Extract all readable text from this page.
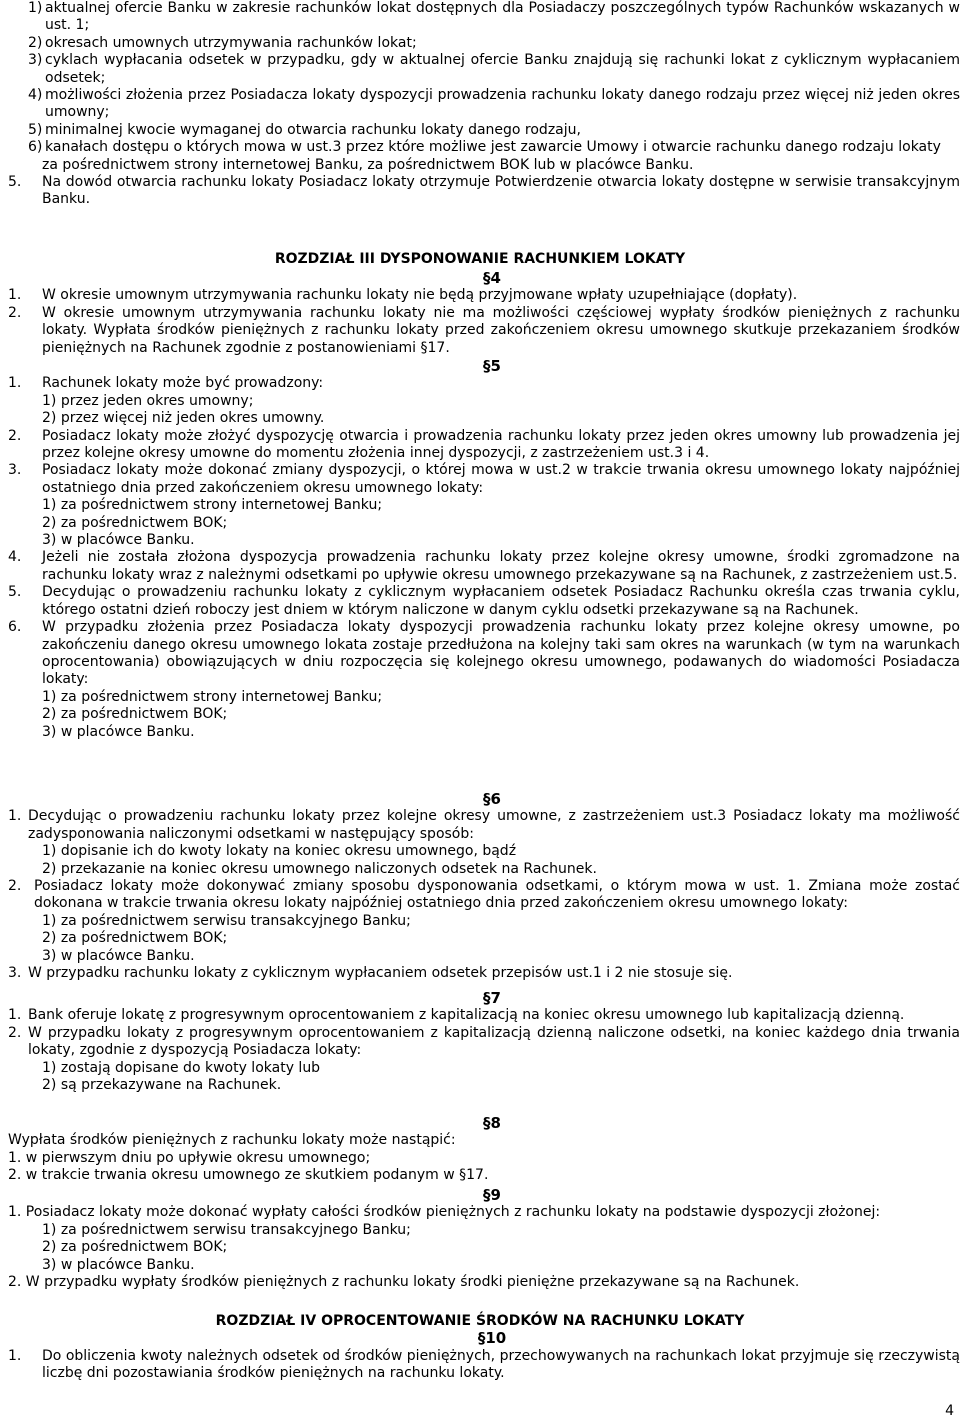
1) aktualnej ofercie Banku w zakresie rachunków lokat dostępnych dla Posiadaczy poszczególnych typów Rachunków wskazanych w ust. 1;
2) okresach umownych utrzymywania rachunków lokat;
3) cyklach wypłacania odsetek w przypadku, gdy w aktualnej ofercie Banku znajdują się rachunki lokat z cyklicznym wypłacaniem odsetek;
4) możliwości złożenia przez Posiadacza lokaty dyspozycji prowadzenia rachunku lokaty danego rodzaju przez więcej niż jeden okres umowny;
5) minimalnej kwocie wymaganej do otwarcia rachunku lokaty danego rodzaju,
6) kanałach dostępu o których mowa w ust.3 przez które możliwe jest zawarcie Umowy i otwarcie rachunku danego rodzaju lokaty
za pośrednictwem strony internetowej Banku, za pośrednictwem BOK lub w placówce Banku.
5.	Na dowód otwarcia rachunku lokaty Posiadacz lokaty otrzymuje Potwierdzenie otwarcia lokaty dostępne w serwisie transakcyjnym Banku.
ROZDZIAŁ III DYSPONOWANIE RACHUNKIEM LOKATY
§4
1.	W okresie umownym utrzymywania rachunku lokaty nie będą przyjmowane wpłaty uzupełniające (dopłaty).
2.	W okresie umownym utrzymywania rachunku lokaty nie ma możliwości częściowej wypłaty środków pieniężnych z rachunku lokaty. Wypłata środków pieniężnych z rachunku lokaty przed zakończeniem okresu umownego skutkuje przekazaniem środków pieniężnych na Rachunek zgodnie z postanowieniami §17.
§5
1.	Rachunek lokaty może być prowadzony:
1) przez jeden okres umowny;
2) przez więcej niż jeden okres umowny.
2.	Posiadacz lokaty może złożyć dyspozycję otwarcia i prowadzenia rachunku lokaty przez jeden okres umowny lub prowadzenia jej przez kolejne okresy umowne do momentu złożenia innej dyspozycji, z zastrzeżeniem ust.3 i 4.
3.	Posiadacz lokaty może dokonać zmiany dyspozycji, o której mowa w ust.2 w trakcie trwania okresu umownego lokaty najpóźniej ostatniego dnia przed zakończeniem okresu umownego lokaty:
1) za pośrednictwem strony internetowej Banku;
2) za pośrednictwem BOK;
3) w placówce Banku.
4.	Jeżeli nie została złożona dyspozycja prowadzenia rachunku lokaty przez kolejne okresy umowne, środki zgromadzone na rachunku lokaty wraz z należnymi odsetkami po upływie okresu umownego przekazywane są na Rachunek, z zastrzeżeniem ust.5.
5.	Decydując o prowadzeniu rachunku lokaty z cyklicznym wypłacaniem odsetek Posiadacz Rachunku określa czas trwania cyklu, którego ostatni dzień roboczy jest dniem w którym naliczone w danym cyklu odsetki przekazywane są na Rachunek.
6.	W przypadku złożenia przez Posiadacza lokaty dyspozycji prowadzenia rachunku lokaty przez kolejne okresy umowne, po zakończeniu danego okresu umownego lokata zostaje przedłużona na kolejny taki sam okres na warunkach (w tym na warunkach oprocentowania) obowiązujących w dniu rozpoczęcia się kolejnego okresu umownego, podawanych do wiadomości Posiadacza lokaty:
1) za pośrednictwem strony internetowej Banku;
2) za pośrednictwem BOK;
3) w placówce Banku.
§6
1. Decydując o prowadzeniu rachunku lokaty przez kolejne okresy umowne, z zastrzeżeniem ust.3 Posiadacz lokaty ma możliwość zadysponowania naliczonymi odsetkami w następujący sposób:
1) dopisanie ich do kwoty lokaty na koniec okresu umownego, bądź
2) przekazanie na koniec okresu umownego naliczonych odsetek na Rachunek.
2. Posiadacz lokaty może dokonywać zmiany sposobu dysponowania odsetkami, o którym mowa w ust. 1. Zmiana może zostać dokonana w trakcie trwania okresu lokaty najpóźniej ostatniego dnia przed zakończeniem okresu umownego lokaty:
1) za pośrednictwem serwisu transakcyjnego Banku;
2) za pośrednictwem BOK;
3) w placówce Banku.
3. W przypadku rachunku lokaty z cyklicznym wypłacaniem odsetek przepisów ust.1 i 2 nie stosuje się.
§7
1. Bank oferuje lokatę z progresywnym oprocentowaniem z kapitalizacją na koniec okresu umownego lub kapitalizacją dzienną.
2. W przypadku lokaty z progresywnym oprocentowaniem z kapitalizacją dzienną naliczone odsetki, na koniec każdego dnia trwania lokaty, zgodnie z dyspozycją Posiadacza lokaty:
1) zostają dopisane do kwoty lokaty lub
2) są przekazywane na Rachunek.
§8
Wypłata środków pieniężnych z rachunku lokaty może nastąpić:
1. w pierwszym dniu po upływie okresu umownego;
2. w trakcie trwania okresu umownego ze skutkiem podanym w §17.
§9
1. Posiadacz lokaty może dokonać wypłaty całości środków pieniężnych z rachunku lokaty na podstawie dyspozycji złożonej:
1) za pośrednictwem serwisu transakcyjnego Banku;
2) za pośrednictwem BOK;
3) w placówce Banku.
2. W przypadku wypłaty środków pieniężnych z rachunku lokaty środki pieniężne przekazywane są na Rachunek.
ROZDZIAŁ IV OPROCENTOWANIE ŚRODKÓW NA RACHUNKU LOKATY
§10
1.	Do obliczenia kwoty należnych odsetek od środków pieniężnych, przechowywanych na rachunkach lokat przyjmuje się rzeczywistą liczbę dni pozostawiania środków pieniężnych na rachunku lokaty.
4
